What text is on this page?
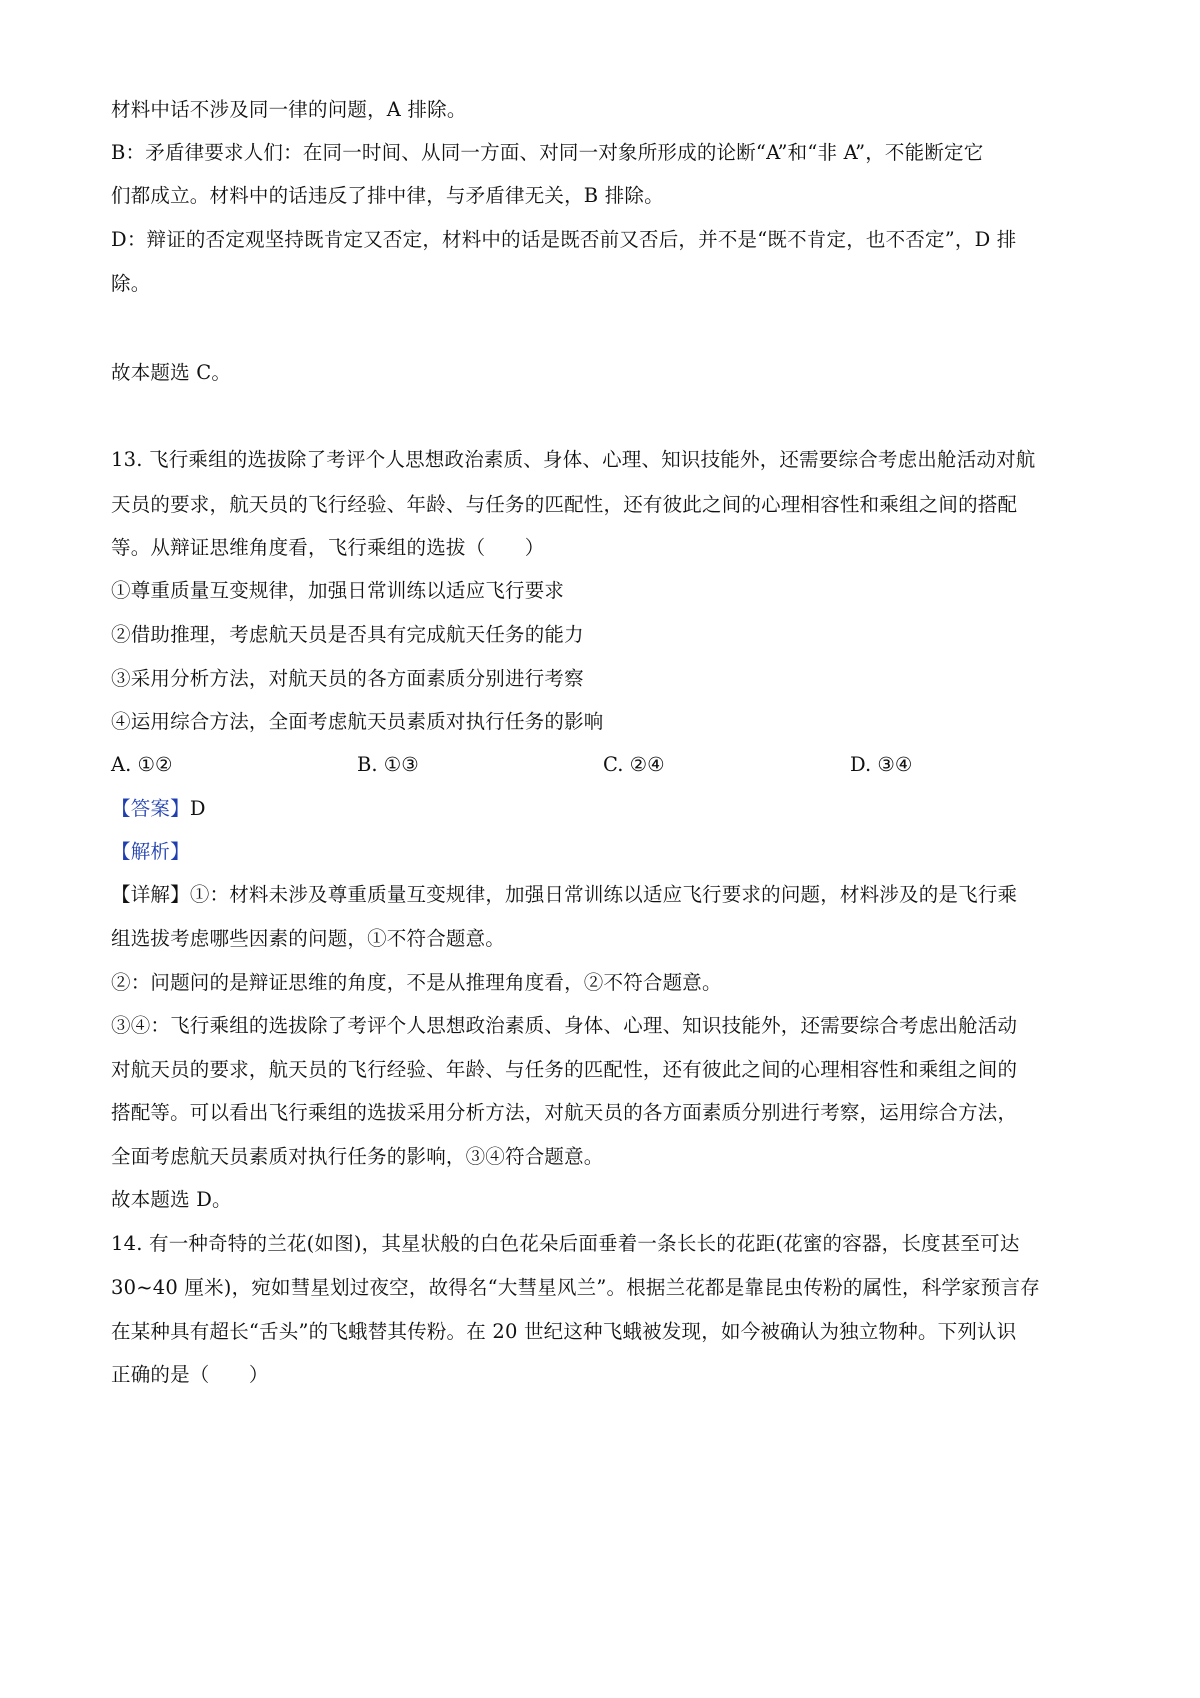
材料中话不涉及同一律的问题，A 排除。
B：矛盾律要求人们：在同一时间、从同一方面、对同一对象所形成的论断“A”和“非 A”，不能断定它
们都成立。材料中的话违反了排中律，与矛盾律无关，B 排除。
D：辩证的否定观坚持既肯定又否定，材料中的话是既否前又否后，并不是“既不肯定，也不否定”，D 排
除。
故本题选 C。
13. 飞行乘组的选拔除了考评个人思想政治素质、身体、心理、知识技能外，还需要综合考虑出舱活动对航
天员的要求，航天员的飞行经验、年龄、与任务的匹配性，还有彼此之间的心理相容性和乘组之间的搭配
等。从辩证思维角度看，飞行乘组的选拔（　　）
①尊重质量互变规律，加强日常训练以适应飞行要求
②借助推理，考虑航天员是否具有完成航天任务的能力
③采用分析方法，对航天员的各方面素质分别进行考察
④运用综合方法，全面考虑航天员素质对执行任务的影响
A. ①②	B. ①③	C. ②④	D. ③④
【答案】D
【解析】
【详解】①：材料未涉及尊重质量互变规律，加强日常训练以适应飞行要求的问题，材料涉及的是飞行乘
组选拔考虑哪些因素的问题，①不符合题意。
②：问题问的是辩证思维的角度，不是从推理角度看，②不符合题意。
③④：飞行乘组的选拔除了考评个人思想政治素质、身体、心理、知识技能外，还需要综合考虑出舱活动
对航天员的要求，航天员的飞行经验、年龄、与任务的匹配性，还有彼此之间的心理相容性和乘组之间的
搭配等。可以看出飞行乘组的选拔采用分析方法，对航天员的各方面素质分别进行考察，运用综合方法，
全面考虑航天员素质对执行任务的影响，③④符合题意。
故本题选 D。
14. 有一种奇特的兰花(如图)，其星状般的白色花朵后面垂着一条长长的花距(花蜜的容器，长度甚至可达
30~40 厘米)，宛如彗星划过夜空，故得名“大彗星风兰”。根据兰花都是靠昆虫传粉的属性，科学家预言存
在某种具有超长“舌头”的飞蛾替其传粉。在 20 世纪这种飞蛾被发现，如今被确认为独立物种。下列认识
正确的是（　　）
